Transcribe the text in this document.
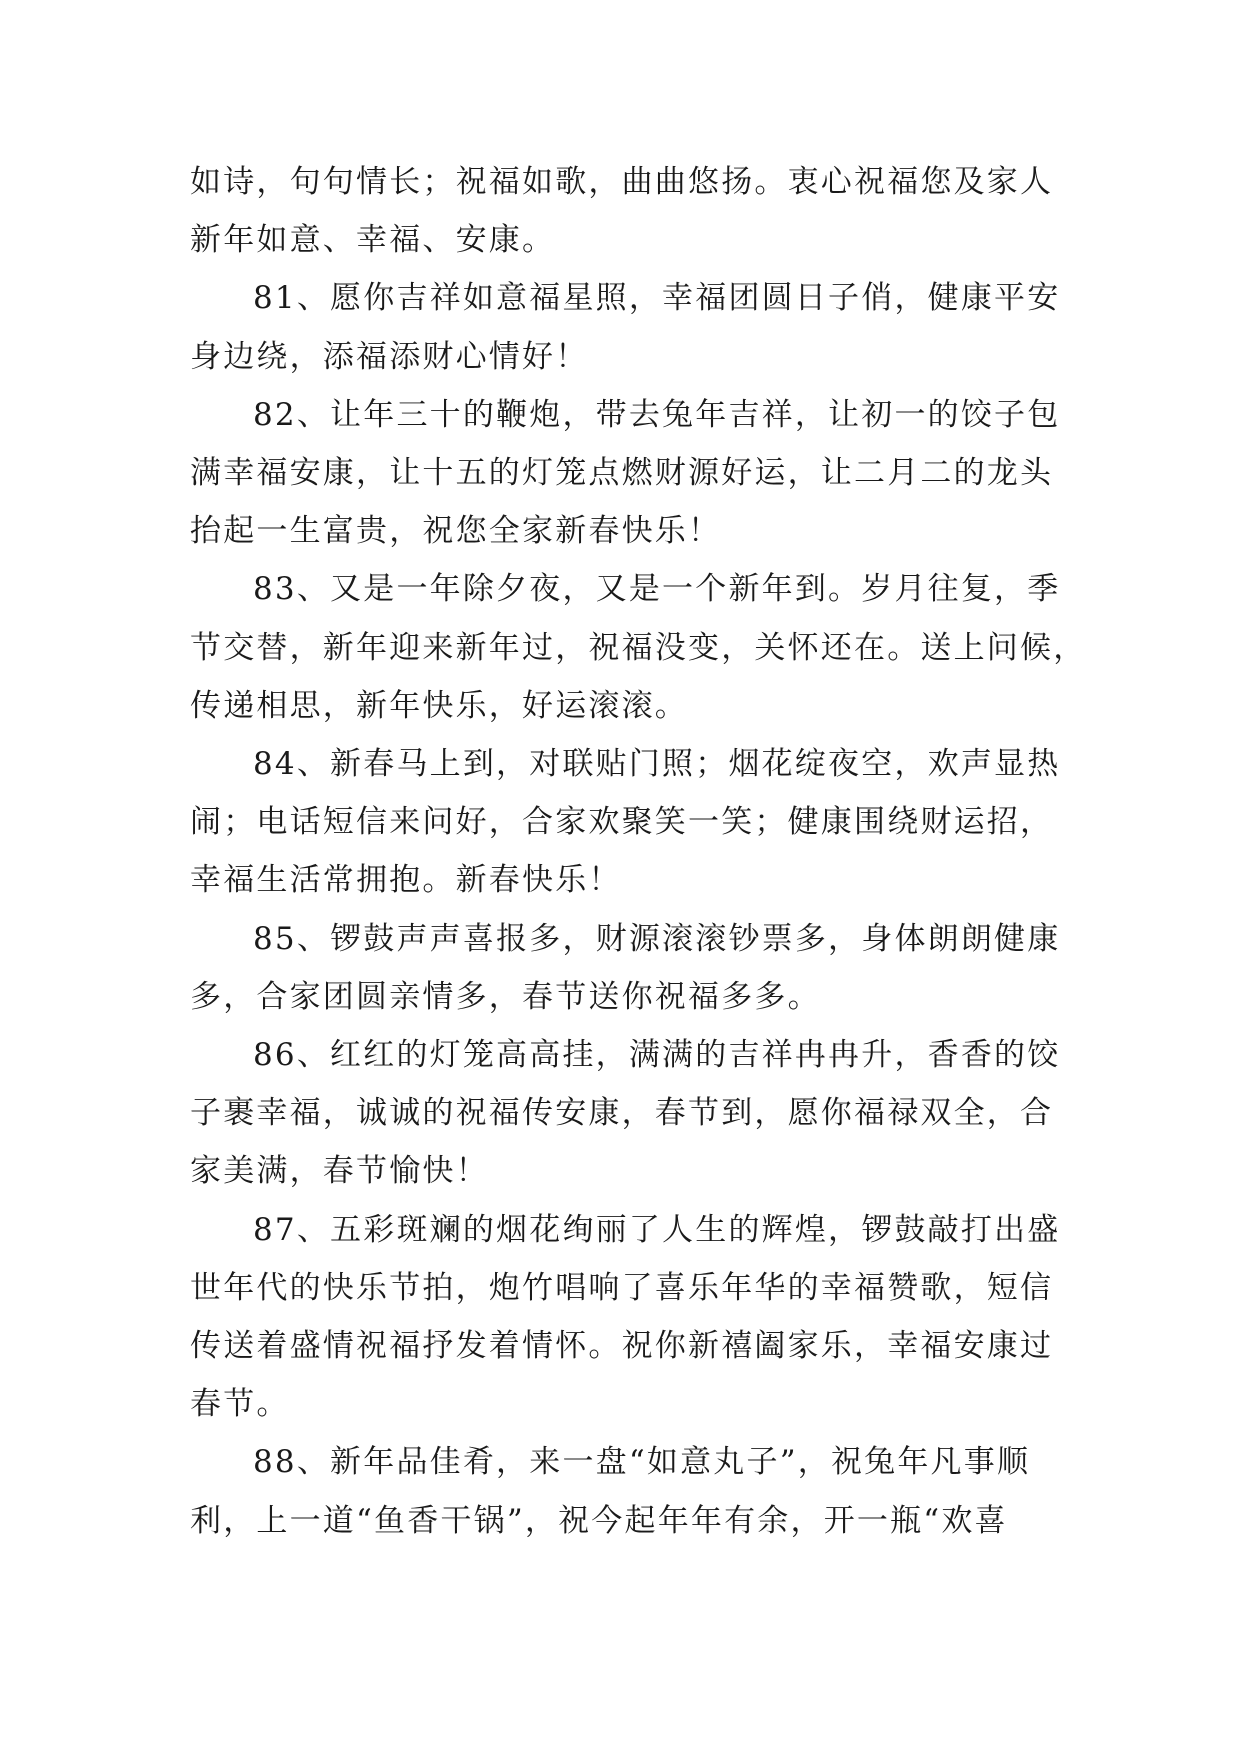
如诗，句句情长；祝福如歌，曲曲悠扬。衷心祝福您及家人
新年如意、幸福、安康。

81、愿你吉祥如意福星照，幸福团圆日子俏，健康平安
身边绕，添福添财心情好！

82、让年三十的鞭炮，带去兔年吉祥，让初一的饺子包
满幸福安康，让十五的灯笼点燃财源好运，让二月二的龙头
抬起一生富贵，祝您全家新春快乐！

83、又是一年除夕夜，又是一个新年到。岁月往复，季
节交替，新年迎来新年过，祝福没变，关怀还在。送上问候，
传递相思，新年快乐，好运滚滚。

84、新春马上到，对联贴门照；烟花绽夜空，欢声显热
闹；电话短信来问好，合家欢聚笑一笑；健康围绕财运招，
幸福生活常拥抱。新春快乐！

85、锣鼓声声喜报多，财源滚滚钞票多，身体朗朗健康
多，合家团圆亲情多，春节送你祝福多多。

86、红红的灯笼高高挂，满满的吉祥冉冉升，香香的饺
子裹幸福，诚诚的祝福传安康，春节到，愿你福禄双全，合
家美满，春节愉快！

87、五彩斑斓的烟花绚丽了人生的辉煌，锣鼓敲打出盛
世年代的快乐节拍，炮竹唱响了喜乐年华的幸福赞歌，短信
传送着盛情祝福抒发着情怀。祝你新禧阖家乐，幸福安康过
春节。

88、新年品佳肴，来一盘“如意丸子”，祝兔年凡事顺
利，上一道“鱼香干锅”，祝今起年年有余，开一瓶“欢喜
